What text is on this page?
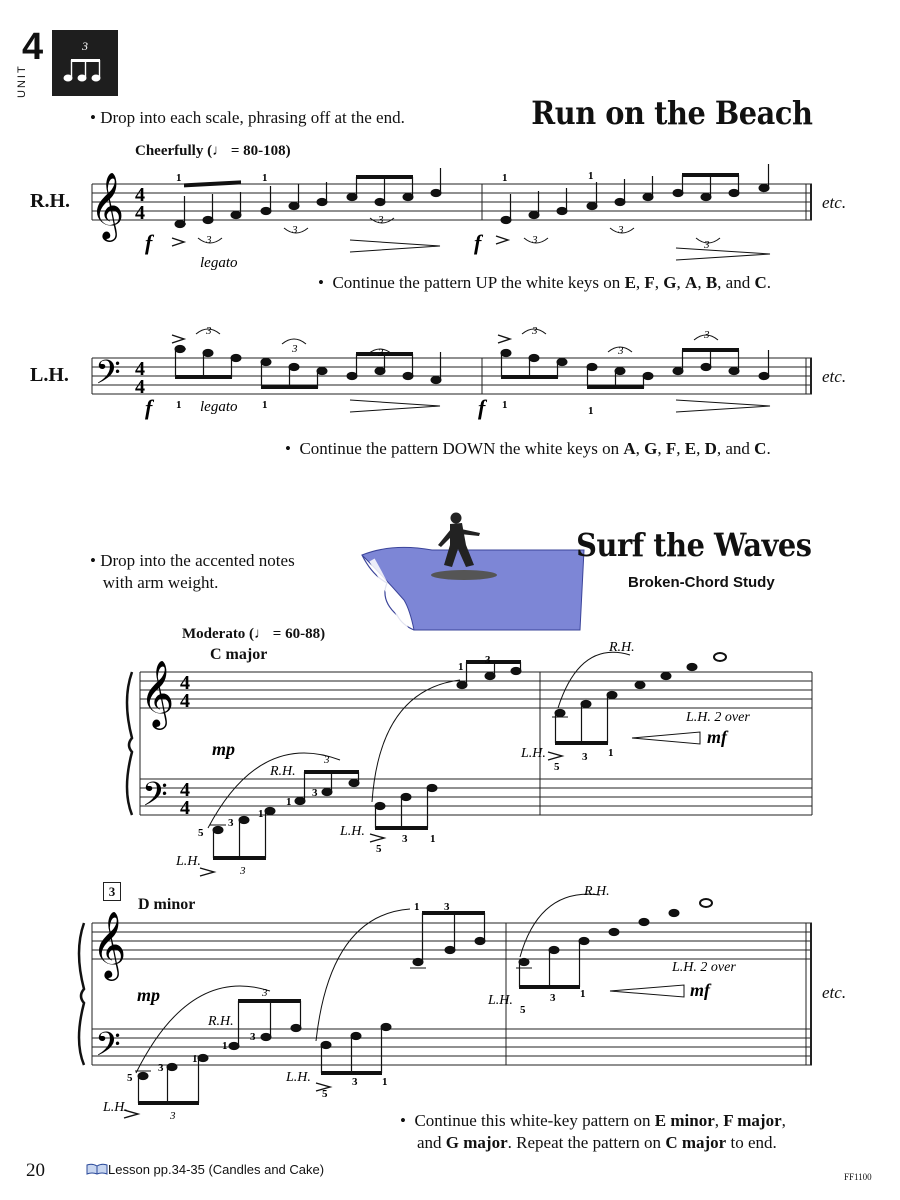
4
UNIT
3
• Drop into each scale, phrasing off at the end.	Run on the Beach
Cheerfully (♩ = 80-108)
R.H.	etc.
𝄞 4
4
1	1	1	1
3
3
3
3
3
3
f	f
legato
•  Continue the pattern UP the white keys on E, F, G, A, B, and C.
L.H.	etc.
𝄢 4
4
3
3	3
3
3
3
1	1	1	1
f	f
legato
•  Continue the pattern DOWN the white keys on A, G, F, E, D, and C.
• Drop into the accented notes
with arm weight.
Surf the Waves
Broken-Chord Study
Moderato (♩ = 60-88)
C major
𝄞
𝄢
4
4
4
4
mp
mf
R.H.
R.H.
L.H.
L.H.
L.H.
L.H. 2 over
5
3
1
1
3
5
3 1
1
3
5
3 1
3
3
3
D minor
etc.
𝄞
𝄢
mp	mf
R.H.
R.H.
L.H.
L.H.
L.H.
L.H. 2 over
5
3
1
1
3
5
3 1
1 3
5
3 1
3
3	•  Continue this white-key pattern on E minor, F major,
and G major. Repeat the pattern on C major to end.
20	Lesson pp.34-35 (Candles and Cake)	FF1100
